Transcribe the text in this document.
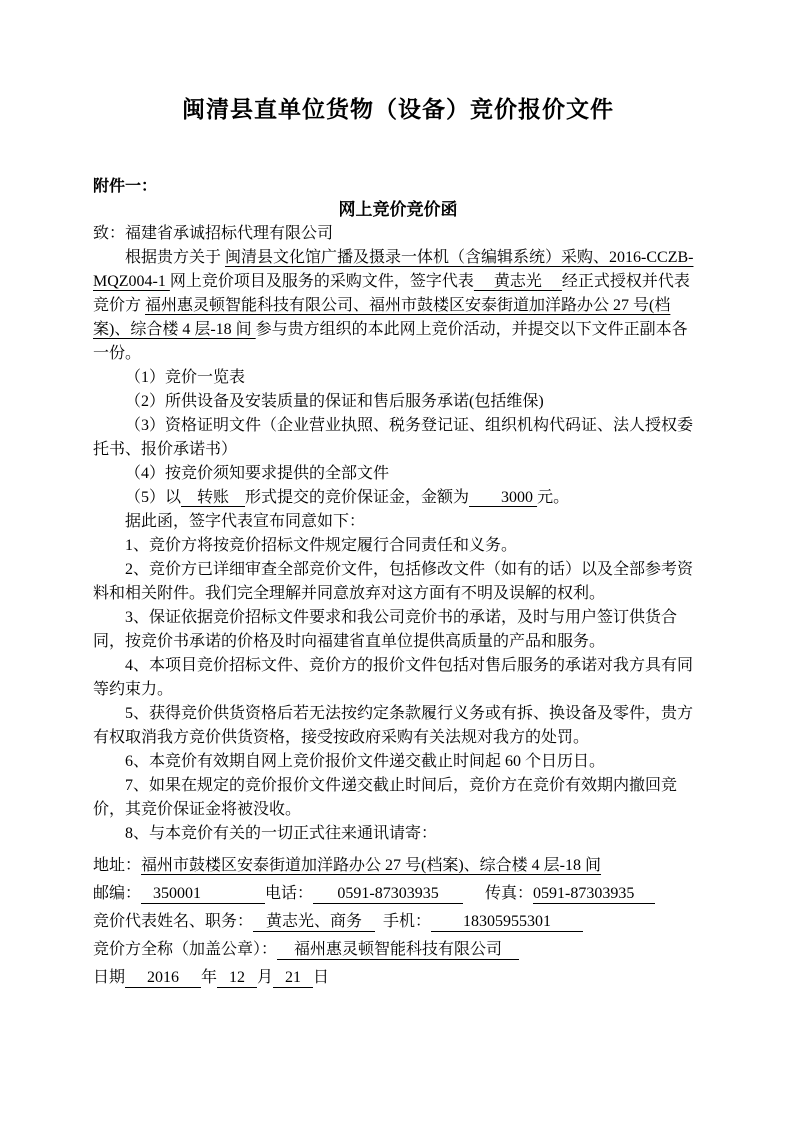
闽清县直单位货物（设备）竞价报价文件
附件一：
网上竞价竞价函

致：福建省承诚招标代理有限公司

根据贵方关于 闽清县文化馆广播及摄录一体机（含编辑系统）采购、2016-CCZB-MQZ004-1 网上竞价项目及服务的采购文件，签字代表　 黄志光 　经正式授权并代表竞价方 福州惠灵顿智能科技有限公司、福州市鼓楼区安泰街道加洋路办公 27 号(档案)、综合楼 4 层-18 间 参与贵方组织的本此网上竞价活动，并提交以下文件正副本各一份。

（1）竞价一览表

（2）所供设备及安装质量的保证和售后服务承诺(包括维保)

（3）资格证明文件（企业营业执照、税务登记证、组织机构代码证、法人授权委托书、报价承诺书）

（4）按竞价须知要求提供的全部文件

（5）以　转账　形式提交的竞价保证金，金额为　　3000 元。

据此函，签字代表宣布同意如下：

1、竞价方将按竞价招标文件规定履行合同责任和义务。

2、竞价方已详细审查全部竞价文件，包括修改文件（如有的话）以及全部参考资料和相关附件。我们完全理解并同意放弃对这方面有不明及误解的权利。

3、保证依据竞价招标文件要求和我公司竞价书的承诺，及时与用户签订供货合同，按竞价书承诺的价格及时向福建省直单位提供高质量的产品和服务。

4、本项目竞价招标文件、竞价方的报价文件包括对售后服务的承诺对我方具有同等约束力。

5、获得竞价供货资格后若无法按约定条款履行义务或有拆、换设备及零件，贵方有权取消我方竞价供货资格，接受按政府采购有关法规对我方的处罚。

6、本竞价有效期自网上竞价报价文件递交截止时间起 60 个日历日。

7、如果在规定的竞价报价文件递交截止时间后，竞价方在竞价有效期内撤回竞价，其竞价保证金将被没收。

8、与本竞价有关的一切正式往来通讯请寄：

地址：福州市鼓楼区安泰街道加洋路办公 27 号(档案)、综合楼 4 层-18 间

邮编： 350001	电话： 0591-87303935	传真：0591-87303935

竞价代表姓名、职务： 黄志光、商务 手机： 18305955301

竞价方全称（加盖公章）： 福州惠灵顿智能科技有限公司

日期 2016 年 12 月 21 日
